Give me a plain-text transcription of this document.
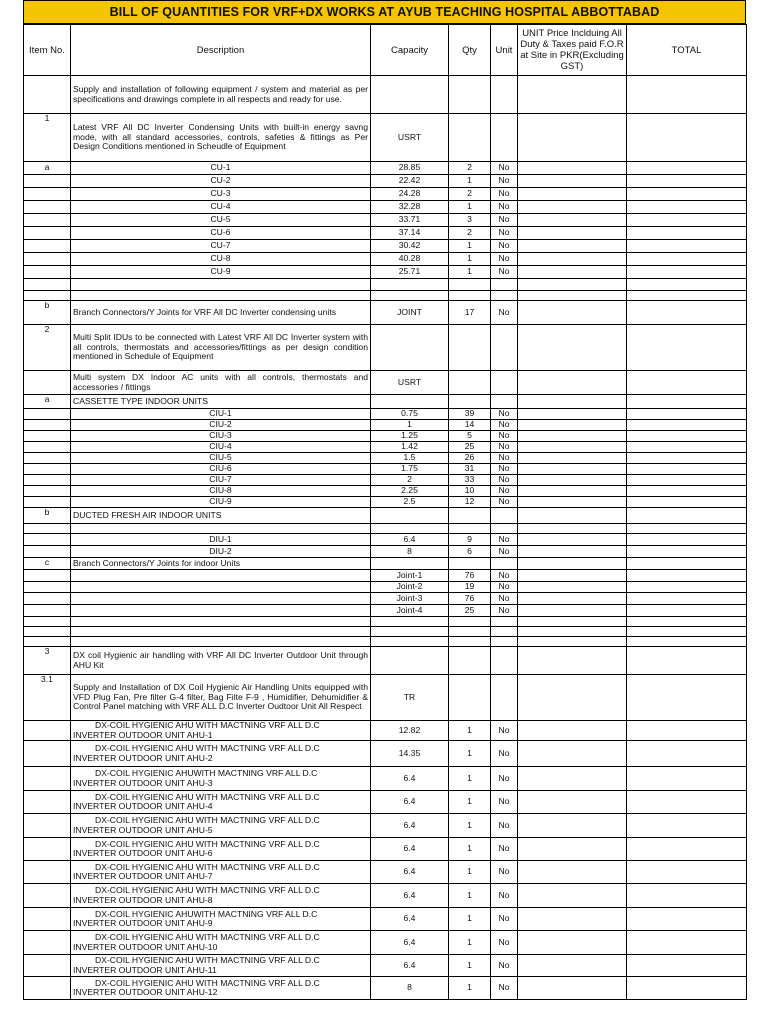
BILL OF QUANTITIES FOR VRF+DX WORKS AT AYUB TEACHING HOSPITAL ABBOTTABAD
Item No.	Description	Capacity	Qty	Unit	UNIT Price Inclduing All Duty & Taxes paid F.O.R at Site in PKR(Excluding GST)	TOTAL
	Supply and installation of following equipment / system and material as per specifications and drawings complete in all respects and ready for use.					
1	Latest VRF All DC Inverter Condensing Units with built-in energy savng mode, with all standard accessories, controls, safeties & fittings as Per Design Conditions mentioned in Scheudle of Equipment	USRT				
a	CU-1	28.85	2	No		
	CU-2	22.42	1	No		
	CU-3	24.28	2	No		
	CU-4	32.28	1	No		
	CU-5	33.71	3	No		
	CU-6	37.14	2	No		
	CU-7	30.42	1	No		
	CU-8	40.28	1	No		
	CU-9	25.71	1	No		

b	Branch Connectors/Y Joints for VRF All DC Inverter condensing units	JOINT	17	No		
2	Multi Split IDUs to be connected with Latest VRF All DC Inverter system with all controls, thermostats and accessories/fittings as per design condition mentioned in Schedule of Equipment					
	Multi system DX Indoor AC units with all controls, thermostats and accessories / fittings	USRT				
a	CASSETTE TYPE INDOOR UNITS					
	CIU-1	0.75	39	No		
	CIU-2	1	14	No		
	CIU-3	1.25	5	No		
	CIU-4	1.42	25	No		
	CIU-5	1.5	26	No		
	CIU-6	1.75	31	No		
	CIU-7	2	33	No		
	CIU-8	2.25	10	No		
	CIU-9	2.5	12	No		
b	DUCTED FRESH AIR INDOOR UNITS					

	DIU-1	6.4	9	No		
	DIU-2	8	6	No		
c	Branch Connectors/Y Joints for indoor Units					
		Joint-1	76	No		
		Joint-2	19	No		
		Joint-3	76	No		
		Joint-4	25	No		

3	DX coil Hygienic air handling with VRF All DC Inverter Outdoor Unit through AHU Kit					
3.1	Supply and Installation of DX Coil Hygienic Air Handling Units equipped with VFD Plug Fan, Pre filter G-4 filter, Bag Filte F-9 , Humidifier, Dehumidifier & Control Panel matching with VRF ALL D.C Inverter Oudtoor Unit All Respect	TR				

	DX-COIL HYGIENIC AHU WITH MACTNING VRF ALL D.C
INVERTER OUTDOOR UNIT AHU-1	12.82	1	No		

	DX-COIL HYGIENIC AHU WITH MACTNING VRF ALL D.C
INVERTER OUTDOOR UNIT AHU-2	14.35	1	No		

	DX-COIL HYGIENIC AHUWITH MACTNING VRF ALL D.C
INVERTER OUTDOOR UNIT AHU-3	6.4	1	No		

	DX-COIL HYGIENIC AHU WITH MACTNING VRF ALL D.C
INVERTER OUTDOOR UNIT AHU-4	6.4	1	No		

	DX-COIL HYGIENIC AHU WITH MACTNING VRF ALL D.C
INVERTER OUTDOOR UNIT AHU-5	6.4	1	No		

	DX-COIL HYGIENIC AHU WITH MACTNING VRF ALL D.C
INVERTER OUTDOOR UNIT AHU-6	6.4	1	No		

	DX-COIL HYGIENIC AHU WITH MACTNING VRF ALL D.C
INVERTER OUTDOOR UNIT AHU-7	6.4	1	No		

	DX-COIL HYGIENIC AHU WITH MACTNING VRF ALL D.C
INVERTER OUTDOOR UNIT AHU-8	6.4	1	No		

	DX-COIL HYGIENIC AHUWITH MACTNING VRF ALL D.C
INVERTER OUTDOOR UNIT AHU-9	6.4	1	No		

	DX-COIL HYGIENIC AHU WITH MACTNING VRF ALL D.C
INVERTER OUTDOOR UNIT AHU-10	6.4	1	No		

	DX-COIL HYGIENIC AHU WITH MACTNING VRF ALL D.C
INVERTER OUTDOOR UNIT AHU-11	6.4	1	No		

	DX-COIL HYGIENIC AHU WITH MACTNING VRF ALL D.C
INVERTER OUTDOOR UNIT AHU-12	8	1	No		
